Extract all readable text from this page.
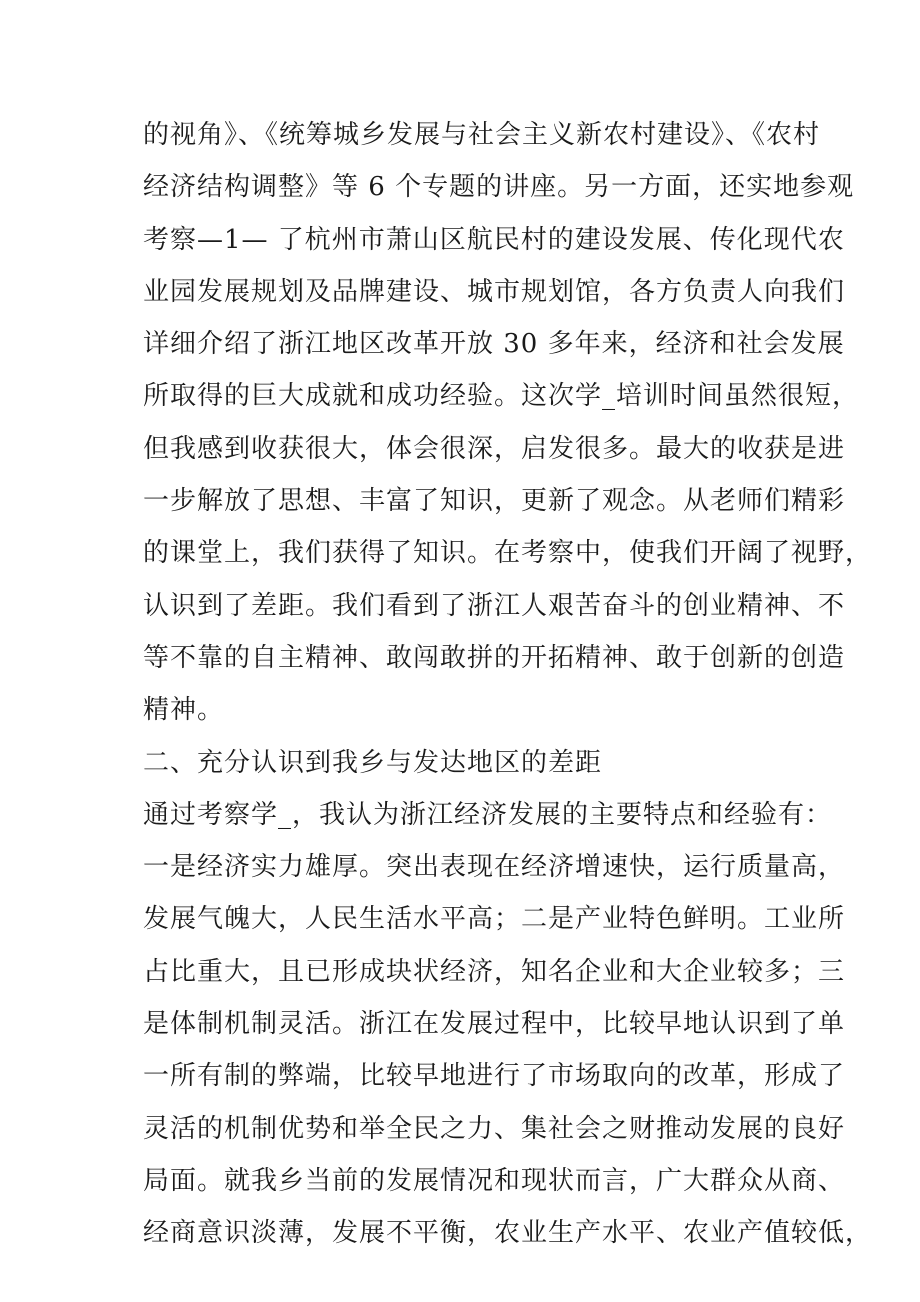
的视角》、《统筹城乡发展与社会主义新农村建设》、《农村
经济结构调整》等 6 个专题的讲座。另一方面，还实地参观
考察—1— 了杭州市萧山区航民村的建设发展、传化现代农
业园发展规划及品牌建设、城市规划馆，各方负责人向我们
详细介绍了浙江地区改革开放 30 多年来，经济和社会发展
所取得的巨大成就和成功经验。这次学_培训时间虽然很短，
但我感到收获很大，体会很深，启发很多。最大的收获是进
一步解放了思想、丰富了知识，更新了观念。从老师们精彩
的课堂上，我们获得了知识。在考察中，使我们开阔了视野，
认识到了差距。我们看到了浙江人艰苦奋斗的创业精神、不
等不靠的自主精神、敢闯敢拼的开拓精神、敢于创新的创造
精神。
二、充分认识到我乡与发达地区的差距
通过考察学_，我认为浙江经济发展的主要特点和经验有：
一是经济实力雄厚。突出表现在经济增速快，运行质量高，
发展气魄大，人民生活水平高；二是产业特色鲜明。工业所
占比重大，且已形成块状经济，知名企业和大企业较多；三
是体制机制灵活。浙江在发展过程中，比较早地认识到了单
一所有制的弊端，比较早地进行了市场取向的改革，形成了
灵活的机制优势和举全民之力、集社会之财推动发展的良好
局面。就我乡当前的发展情况和现状而言，广大群众从商、
经商意识淡薄，发展不平衡，农业生产水平、农业产值较低，
